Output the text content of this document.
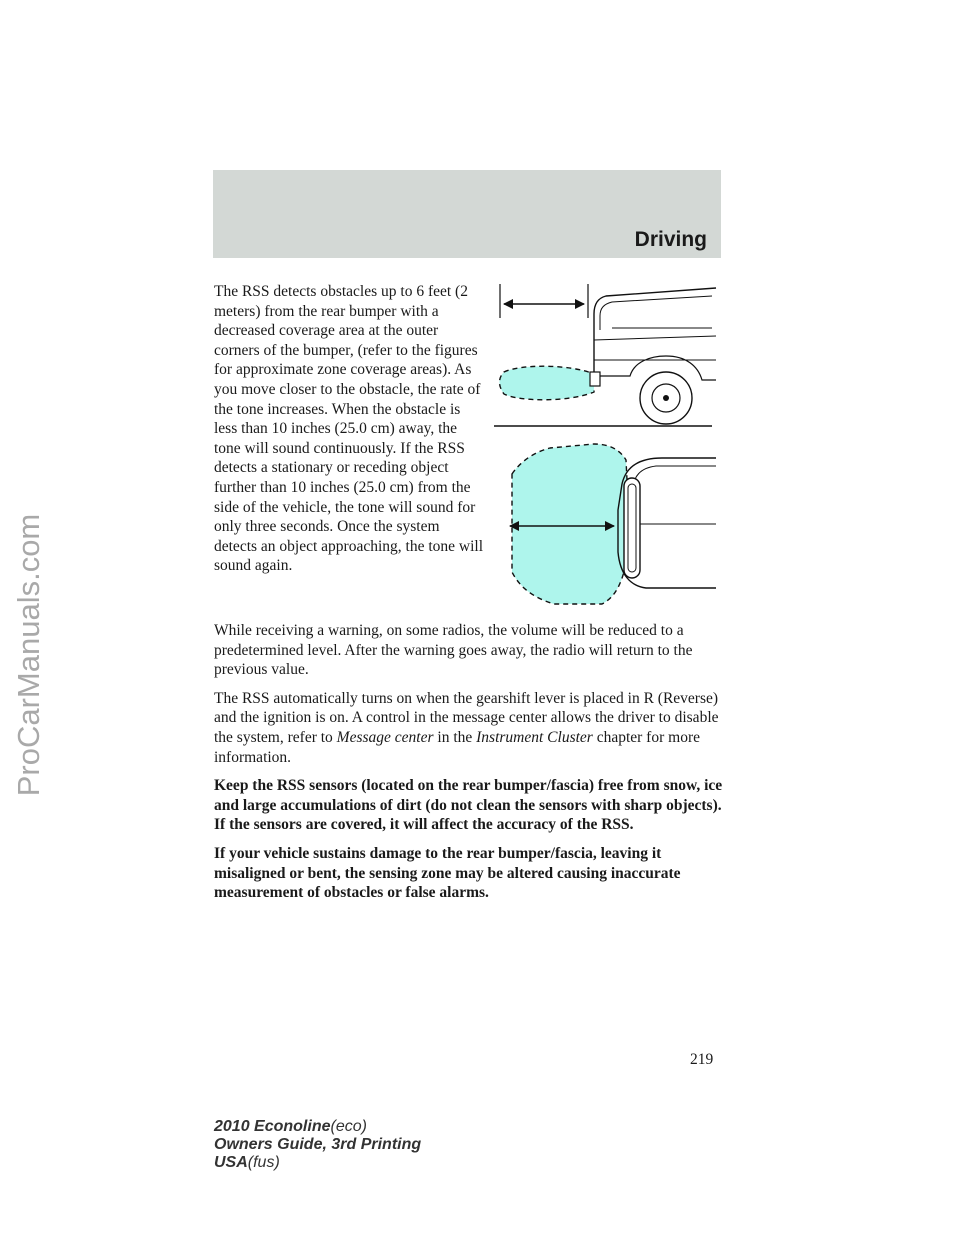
Driving
ProCarManuals.com

The RSS detects obstacles up to 6 feet (2 meters) from the rear bumper with a decreased coverage area at the outer corners of the bumper, (refer to the figures for approximate zone coverage areas). As you move closer to the obstacle, the rate of the tone increases. When the obstacle is less than 10 inches (25.0 cm) away, the tone will sound continuously. If the RSS detects a stationary or receding object further than 10 inches (25.0 cm) from the side of the vehicle, the tone will sound for only three seconds. Once the system detects an object approaching, the tone will sound again.

While receiving a warning, on some radios, the volume will be reduced to a predetermined level. After the warning goes away, the radio will return to the previous value.

The RSS automatically turns on when the gearshift lever is placed in R (Reverse) and the ignition is on. A control in the message center allows the driver to disable the system, refer to Message center in the Instrument Cluster chapter for more information.

Keep the RSS sensors (located on the rear bumper/fascia) free from snow, ice and large accumulations of dirt (do not clean the sensors with sharp objects). If the sensors are covered, it will affect the accuracy of the RSS.

If your vehicle sustains damage to the rear bumper/fascia, leaving it misaligned or bent, the sensing zone may be altered causing inaccurate measurement of obstacles or false alarms.

219
2010 Econoline(eco)
Owners Guide, 3rd Printing
USA(fus)
